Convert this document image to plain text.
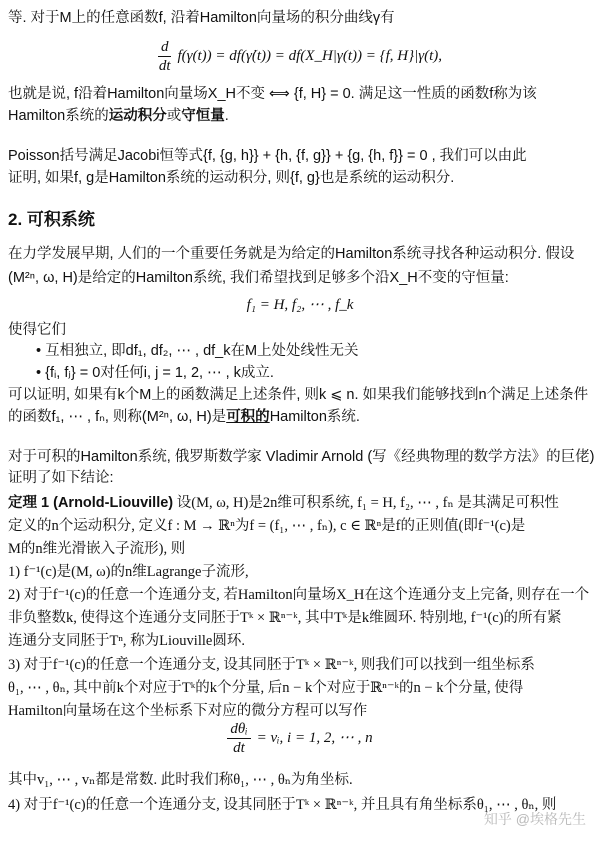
等. 对于M上的任意函数f, 沿着Hamilton向量场的积分曲线γ有
$\frac{d}{dt} f(\gamma(t))$ = df(γ̇(t)) = df(X_H|γ(t)) = {f, H}|γ(t),
也就是说, f沿着Hamilton向量场X_H不变 ⟺ {f, H} = 0. 满足这一性质的函数f称为该
Hamilton系统的运动积分或守恒量.
Poisson括号满足Jacobi恒等式{f, {g, h}} + {h, {f, g}} + {g, {h, f}} = 0 , 我们可以由此
证明, 如果f, g是Hamilton系统的运动积分, 则{f, g}也是系统的运动积分.
2. 可积系统
在力学发展早期, 人们的一个重要任务就是为给定的Hamilton系统寻找各种运动积分. 假设
(M²ⁿ, ω, H)是给定的Hamilton系统, 我们希望找到足够多个沿X_H不变的守恒量:
f₁ = H, f₂, ⋯ , f_k
使得它们
• 互相独立, 即df₁, df₂, ⋯ , df_k在M上处处线性无关
• {fᵢ, fⱼ} = 0对任何i, j = 1, 2, ⋯ , k成立.
可以证明, 如果有k个M上的函数满足上述条件, 则k ⩽ n. 如果我们能够找到n个满足上述条件
的函数f₁, ⋯ , fₙ, 则称(M²ⁿ, ω, H)是可积的Hamilton系统.
对于可积的Hamilton系统, 俄罗斯数学家 Vladimir Arnold (写《经典物理的数学方法》的巨佬)
证明了如下结论:
定理 1 (Arnold-Liouville) 设(M, ω, H)是2n维可积系统, f₁ = H, f₂, ⋯ , fₙ 是其满足可积性
定义的n个运动积分, 定义f : M → ℝⁿ为f = (f₁, ⋯ , fₙ), c ∈ ℝⁿ是f的正则值(即f⁻¹(c)是
M的n维光滑嵌入子流形), 则
1) f⁻¹(c)是(M, ω)的n维Lagrange子流形,
2) 对于f⁻¹(c)的任意一个连通分支, 若Hamilton向量场X_H在这个连通分支上完备, 则存在一个
非负整数k, 使得这个连通分支同胚于Tᵏ × ℝⁿ⁻ᵏ, 其中Tᵏ是k维圆环. 特别地, f⁻¹(c)的所有紧
连通分支同胚于Tⁿ, 称为Liouville圆环.
3) 对于f⁻¹(c)的任意一个连通分支, 设其同胚于Tᵏ × ℝⁿ⁻ᵏ, 则我们可以找到一组坐标系
θ₁, ⋯ , θₙ, 其中前k个对应于Tᵏ的k个分量, 后n − k个对应于ℝⁿ⁻ᵏ的n − k个分量, 使得
Hamilton向量场在这个坐标系下对应的微分方程可以写作
$\frac{\text{dθᵢ}}{dt}$ = vᵢ, i = 1, 2, ⋯ , n
其中v₁, ⋯ , vₙ都是常数. 此时我们称θ₁, ⋯ , θₙ为角坐标.
4) 对于f⁻¹(c)的任意一个连通分支, 设其同胚于Tᵏ × ℝⁿ⁻ᵏ, 并且具有角坐标系θ₁, ⋯ , θₙ, 则
知乎 @埃格先生
